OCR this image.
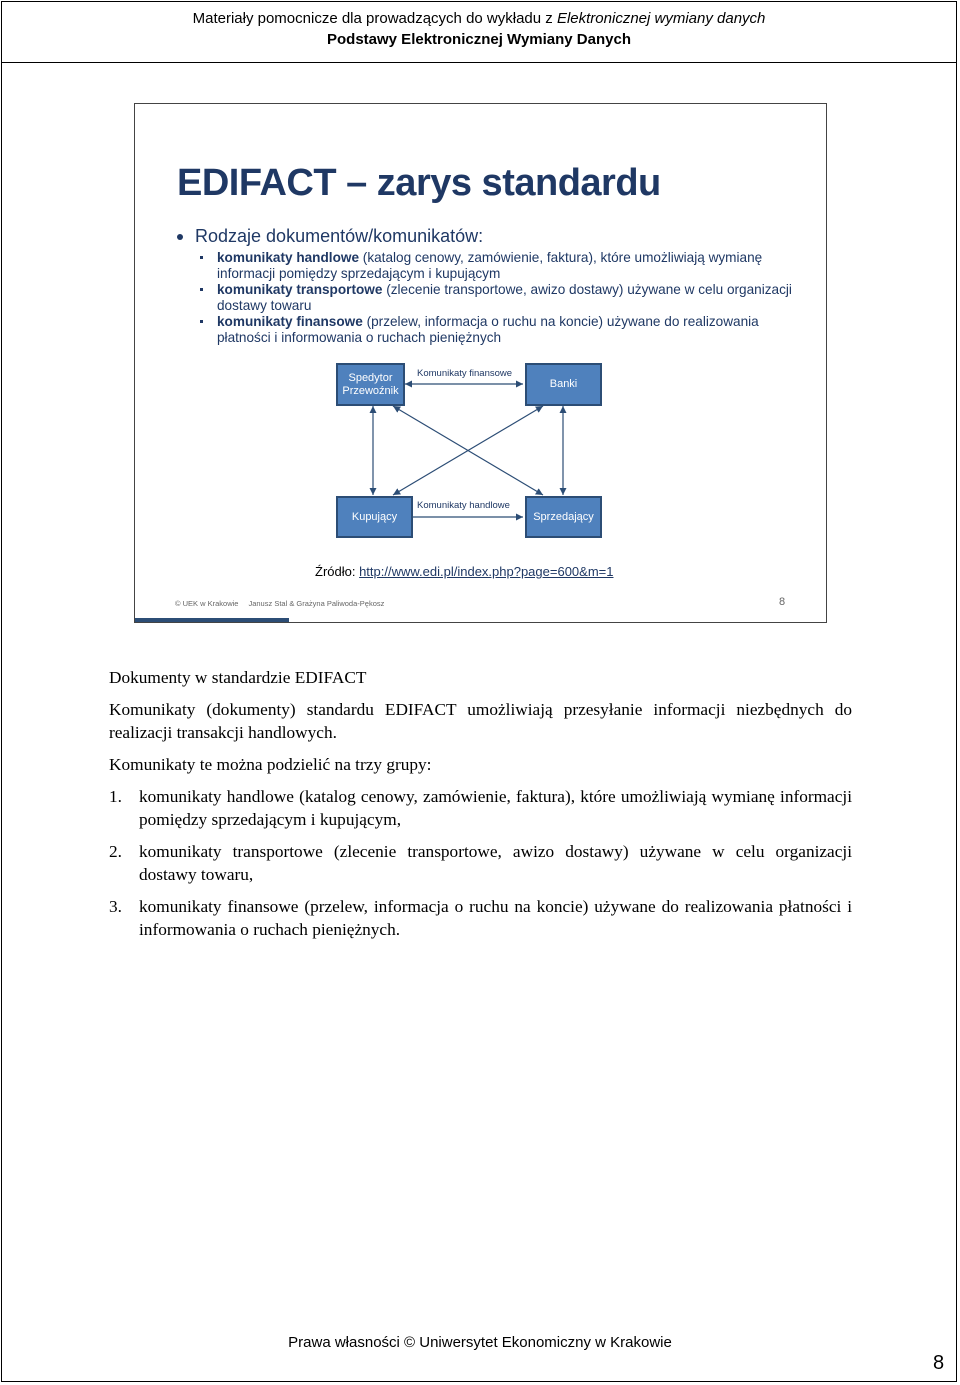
Materiały pomocnicze dla prowadzących do wykładu z Elektronicznej wymiany danych
Podstawy Elektronicznej Wymiany Danych
EDIFACT – zarys standardu

Rodzaje dokumentów/komunikatów:

komunikaty handlowe (katalog cenowy, zamówienie, faktura), które umożliwiają wymianę informacji pomiędzy sprzedającym i kupującym

komunikaty transportowe (zlecenie transportowe, awizo dostawy) używane w celu organizacji dostawy towaru

komunikaty finansowe (przelew, informacja o ruchu na koncie) używane do realizowania płatności i informowania o ruchach pieniężnych

Spedytor
Przewoźnik
Banki
Kupujący	Sprzedający
Komunikaty finansowe
Komunikaty handlowe
Źródło: http://www.edi.pl/index.php?page=600&m=1
© UEK w Krakowie Janusz Stal & Grażyna Paliwoda-Pękosz	8

Dokumenty w standardzie EDIFACT

Komunikaty (dokumenty) standardu EDIFACT umożliwiają przesyłanie informacji niezbędnych do realizacji transakcji handlowych.

Komunikaty te można podzielić na trzy grupy:

1. komunikaty handlowe (katalog cenowy, zamówienie, faktura), które umożliwiają wymianę informacji pomiędzy sprzedającym i kupującym,
2. komunikaty transportowe (zlecenie transportowe, awizo dostawy) używane w celu organizacji dostawy towaru,
3. komunikaty finansowe (przelew, informacja o ruchu na koncie) używane do realizowania płatności i informowania o ruchach pieniężnych.
Prawa własności © Uniwersytet Ekonomiczny w Krakowie
8
